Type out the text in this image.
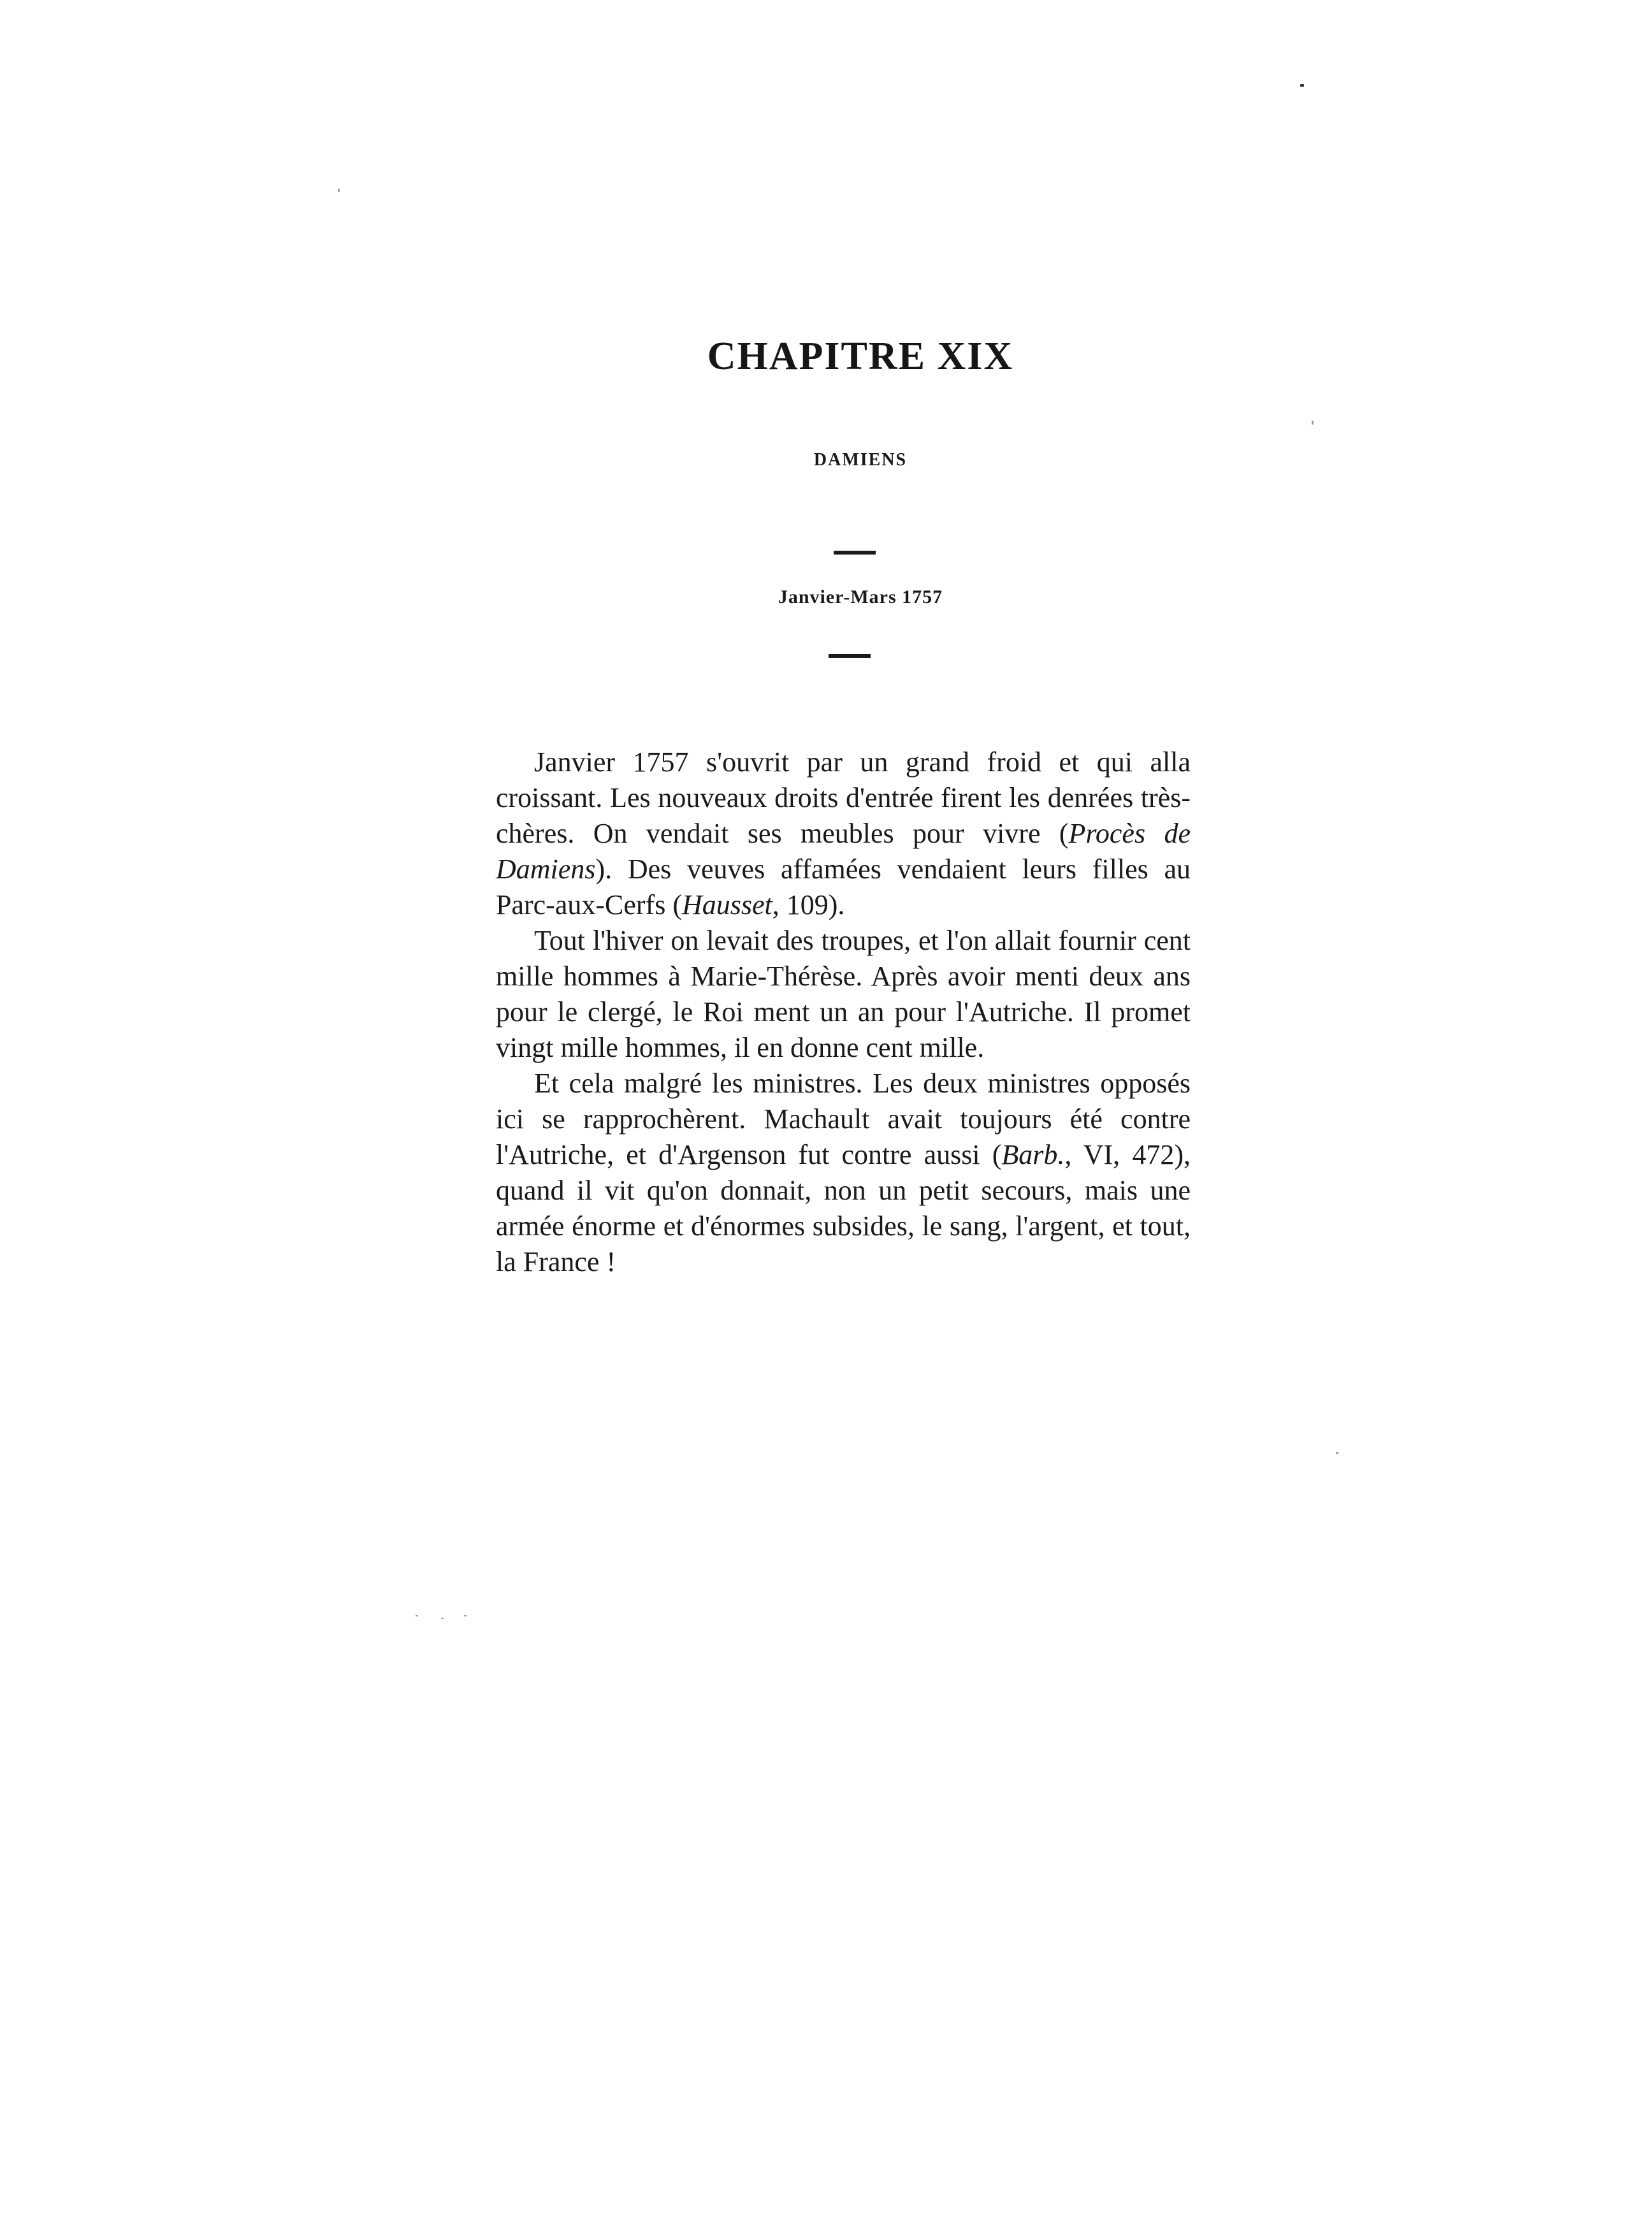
CHAPITRE XIX
DAMIENS
Janvier-Mars 1757

Janvier 1757 s'ouvrit par un grand froid et qui alla croissant. Les nouveaux droits d'entrée firent les denrées très-chères. On vendait ses meubles pour vivre (Procès de Damiens). Des veuves affamées vendaient leurs filles au Parc-aux-Cerfs (Hausset, 109).

Tout l'hiver on levait des troupes, et l'on allait fournir cent mille hommes à Marie-Thérèse. Après avoir menti deux ans pour le clergé, le Roi ment un an pour l'Autriche. Il promet vingt mille hommes, il en donne cent mille.

Et cela malgré les ministres. Les deux ministres opposés ici se rapprochèrent. Machault avait toujours été contre l'Autriche, et d'Argenson fut contre aussi (Barb., VI, 472), quand il vit qu'on donnait, non un petit secours, mais une armée énorme et d'énormes subsides, le sang, l'argent, et tout, la France !
